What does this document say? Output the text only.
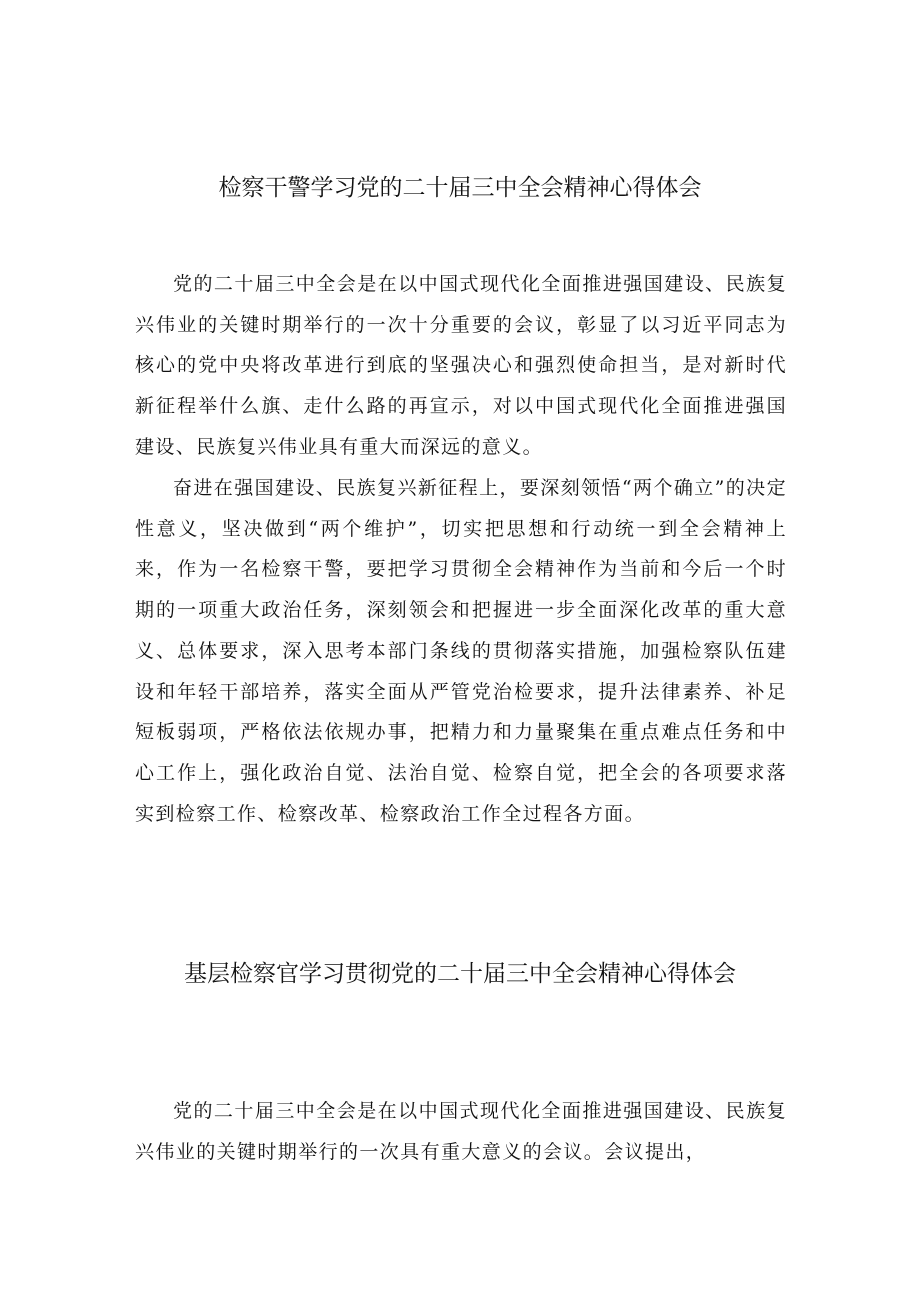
检察干警学习党的二十届三中全会精神心得体会

党的二十届三中全会是在以中国式现代化全面推进强国建设、民族复兴伟业的关键时期举行的一次十分重要的会议，彰显了以习近平同志为核心的党中央将改革进行到底的坚强决心和强烈使命担当，是对新时代新征程举什么旗、走什么路的再宣示，对以中国式现代化全面推进强国建设、民族复兴伟业具有重大而深远的意义。

奋进在强国建设、民族复兴新征程上，要深刻领悟“两个确立”的决定性意义，坚决做到“两个维护”，切实把思想和行动统一到全会精神上来，作为一名检察干警，要把学习贯彻全会精神作为当前和今后一个时期的一项重大政治任务，深刻领会和把握进一步全面深化改革的重大意义、总体要求，深入思考本部门条线的贯彻落实措施，加强检察队伍建设和年轻干部培养，落实全面从严管党治检要求，提升法律素养、补足短板弱项，严格依法依规办事，把精力和力量聚集在重点难点任务和中心工作上，强化政治自觉、法治自觉、检察自觉，把全会的各项要求落实到检察工作、检察改革、检察政治工作全过程各方面。

基层检察官学习贯彻党的二十届三中全会精神心得体会

党的二十届三中全会是在以中国式现代化全面推进强国建设、民族复兴伟业的关键时期举行的一次具有重大意义的会议。会议提出，
